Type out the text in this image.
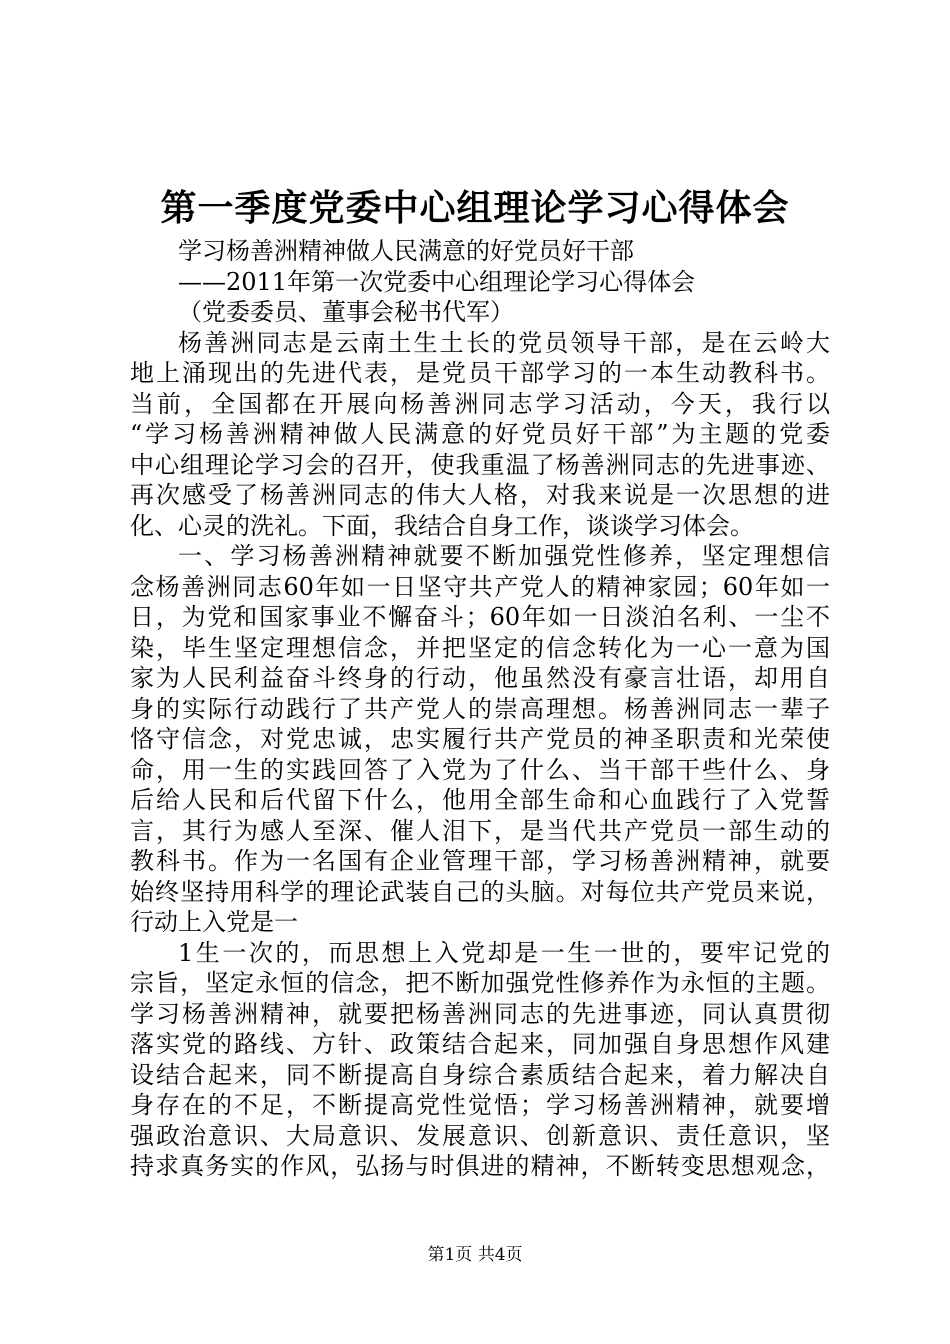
第一季度党委中心组理论学习心得体会
学习杨善洲精神做人民满意的好党员好干部
——2011年第一次党委中心组理论学习心得体会
（党委委员、董事会秘书代军）
杨善洲同志是云南土生土长的党员领导干部，是在云岭大
地上涌现出的先进代表，是党员干部学习的一本生动教科书。
当前，全国都在开展向杨善洲同志学习活动，今天，我行以
“学习杨善洲精神做人民满意的好党员好干部”为主题的党委
中心组理论学习会的召开，使我重温了杨善洲同志的先进事迹、
再次感受了杨善洲同志的伟大人格，对我来说是一次思想的进
化、心灵的洗礼。下面，我结合自身工作，谈谈学习体会。
一、学习杨善洲精神就要不断加强党性修养，坚定理想信
念杨善洲同志60年如一日坚守共产党人的精神家园；60年如一
日，为党和国家事业不懈奋斗；60年如一日淡泊名利、一尘不
染，毕生坚定理想信念，并把坚定的信念转化为一心一意为国
家为人民利益奋斗终身的行动，他虽然没有豪言壮语，却用自
身的实际行动践行了共产党人的崇高理想。杨善洲同志一辈子
恪守信念，对党忠诚，忠实履行共产党员的神圣职责和光荣使
命，用一生的实践回答了入党为了什么、当干部干些什么、身
后给人民和后代留下什么，他用全部生命和心血践行了入党誓
言，其行为感人至深、催人泪下，是当代共产党员一部生动的
教科书。作为一名国有企业管理干部，学习杨善洲精神，就要
始终坚持用科学的理论武装自己的头脑。对每位共产党员来说，
行动上入党是一
1生一次的，而思想上入党却是一生一世的，要牢记党的
宗旨，坚定永恒的信念，把不断加强党性修养作为永恒的主题。
学习杨善洲精神，就要把杨善洲同志的先进事迹，同认真贯彻
落实党的路线、方针、政策结合起来，同加强自身思想作风建
设结合起来，同不断提高自身综合素质结合起来，着力解决自
身存在的不足，不断提高党性觉悟；学习杨善洲精神，就要增
强政治意识、大局意识、发展意识、创新意识、责任意识，坚
持求真务实的作风，弘扬与时俱进的精神，不断转变思想观念，
第1页 共4页
